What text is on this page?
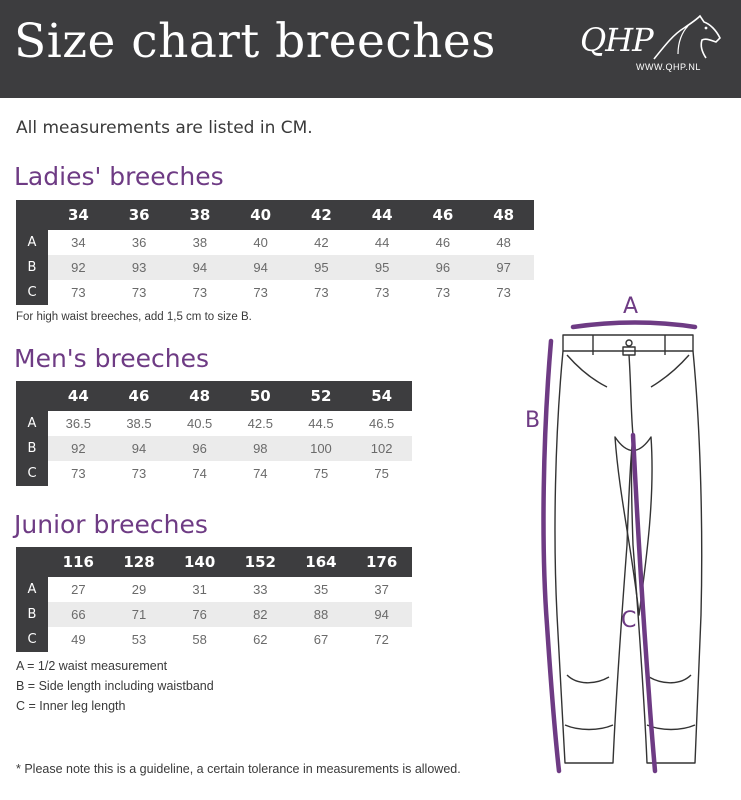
Size chart breeches	QHP
WWW.QHP.NL
All measurements are listed in CM.
Ladies' breeches
	34	36	38	40	42	44	46	48
A	34	36	38	40	42	44	46	48
B	92	93	94	94	95	95	96	97
C	73	73	73	73	73	73	73	73
For high waist breeches, add 1,5 cm to size B.
Men's breeches
	44	46	48	50	52	54
A	36.5	38.5	40.5	42.5	44.5	46.5
B	92	94	96	98	100	102
C	73	73	74	74	75	75
Junior breeches
	116	128	140	152	164	176
A	27	29	31	33	35	37
B	66	71	76	82	88	94
C	49	53	58	62	67	72
A = 1/2 waist measurement
B = Side length including waistband
C = Inner leg length
* Please note this is a guideline, a certain tolerance in measurements is allowed.
A
B
C
